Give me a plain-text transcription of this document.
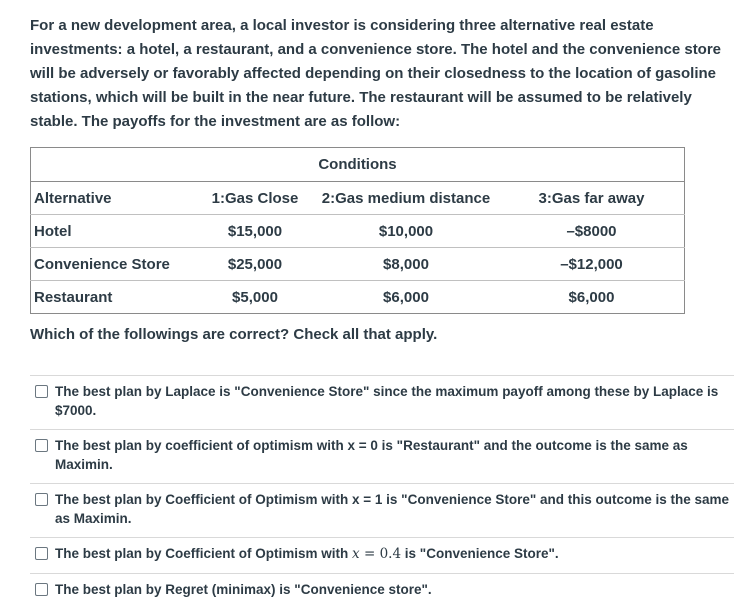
For a new development area, a local investor is considering three alternative real estate investments: a hotel, a restaurant, and a convenience store. The hotel and the convenience store will be adversely or favorably affected depending on their closedness to the location of gasoline stations, which will be built in the near future. The restaurant will be assumed to be relatively stable. The payoffs for the investment are as follow:
Conditions			
Alternative	1:Gas Close	2:Gas medium distance	3:Gas far away
Hotel	$15,000	$10,000	–$8000
Convenience Store	$25,000	$8,000	–$12,000
Restaurant	$5,000	$6,000	$6,000
Which of the followings are correct? Check all that apply.
The best plan by Laplace is "Convenience Store" since the maximum payoff among these by Laplace is $7000.
The best plan by coefficient of optimism with x = 0 is "Restaurant" and the outcome is the same as Maximin.
The best plan by Coefficient of Optimism with x = 1 is "Convenience Store" and this outcome is the same as Maximin.
The best plan by Coefficient of Optimism with x = 0.4 is "Convenience Store".
The best plan by Regret (minimax) is "Convenience store".
